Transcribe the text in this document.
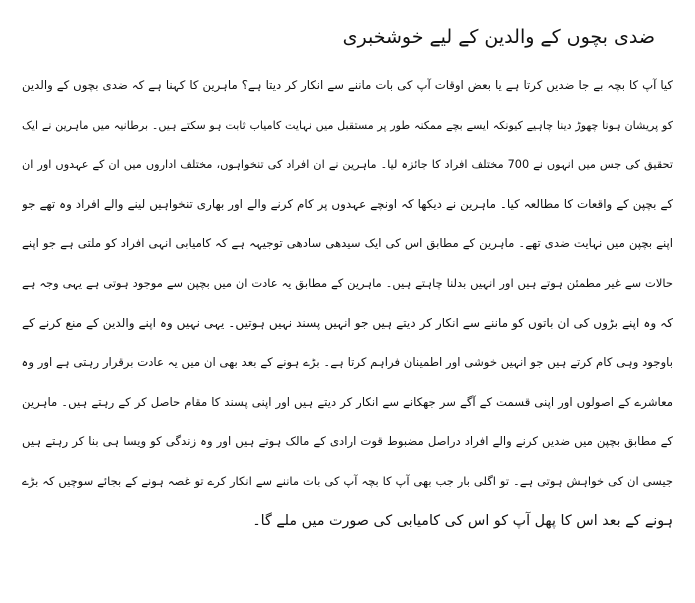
ضدی بچوں کے والدین کے لیے خوشخبری
کیا آپ کا بچہ بے جا ضدیں کرتا ہے یا بعض اوقات آپ کی بات ماننے سے انکار کر دیتا ہے؟ ماہرین کا کہنا ہے کہ ضدی بچوں کے والدین
کو پریشان ہونا چھوڑ دینا چاہیے کیونکہ ایسے بچے ممکنہ طور پر مستقبل میں نہایت کامیاب ثابت ہو سکتے ہیں۔ برطانیہ میں ماہرین نے ایک
تحقیق کی جس میں انہوں نے 700 مختلف افراد کا جائزہ لیا۔ ماہرین نے ان افراد کی تنخواہوں، مختلف اداروں میں ان کے عہدوں اور ان
کے بچپن کے واقعات کا مطالعہ کیا۔ ماہرین نے دیکھا کہ اونچے عہدوں پر کام کرنے والے اور بھاری تنخواہیں لینے والے افراد وہ تھے جو
اپنے بچپن میں نہایت ضدی تھے۔ ماہرین کے مطابق اس کی ایک سیدھی سادھی توجیہہ ہے کہ کامیابی انہی افراد کو ملتی ہے جو اپنے
حالات سے غیر مطمئن ہوتے ہیں اور انہیں بدلنا چاہتے ہیں۔ ماہرین کے مطابق یہ عادت ان میں بچپن سے موجود ہوتی ہے یہی وجہ ہے
کہ وہ اپنے بڑوں کی ان باتوں کو ماننے سے انکار کر دیتے ہیں جو انہیں پسند نہیں ہوتیں۔ یہی نہیں وہ اپنے والدین کے منع کرنے کے
باوجود وہی کام کرتے ہیں جو انہیں خوشی اور اطمینان فراہم کرتا ہے۔ بڑے ہونے کے بعد بھی ان میں یہ عادت برقرار رہتی ہے اور وہ
معاشرے کے اصولوں اور اپنی قسمت کے آگے سر جھکانے سے انکار کر دیتے ہیں اور اپنی پسند کا مقام حاصل کر کے رہتے ہیں۔ ماہرین
کے مطابق بچپن میں ضدیں کرنے والے افراد دراصل مضبوط قوت ارادی کے مالک ہوتے ہیں اور وہ زندگی کو ویسا ہی بنا کر رہتے ہیں
جیسی ان کی خواہش ہوتی ہے۔ تو اگلی بار جب بھی آپ کا بچہ آپ کی بات ماننے سے انکار کرے تو غصہ ہونے کے بجائے سوچیں کہ بڑے
ہونے کے بعد اس کا پھل آپ کو اس کی کامیابی کی صورت میں ملے گا۔
